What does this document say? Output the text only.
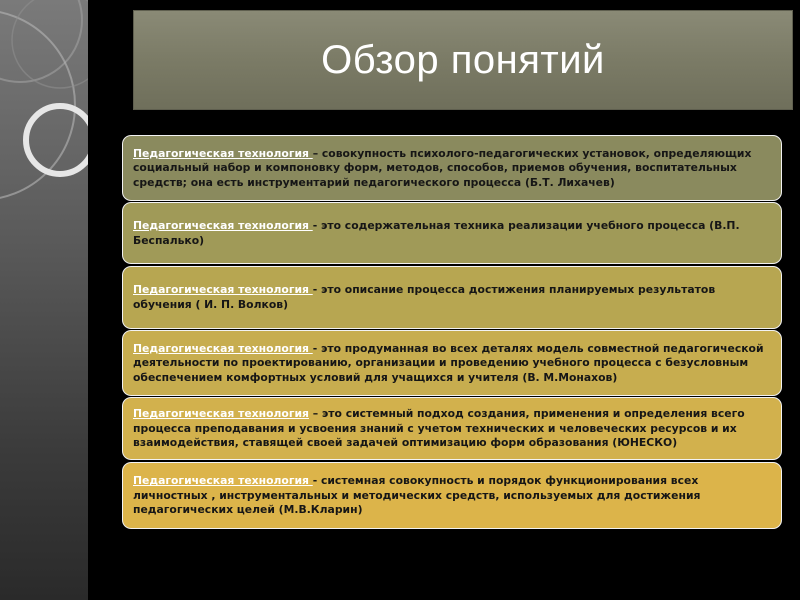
Обзор понятий

Педагогическая технология – совокупность психолого-педагогических установок, определяющих социальный набор и компоновку форм, методов, способов, приемов обучения, воспитательных средств; она есть инструментарий педагогического процесса (Б.Т. Лихачев)

Педагогическая технология - это содержательная техника реализации учебного процесса (В.П. Беспалько)

Педагогическая технология - это описание процесса достижения планируемых результатов обучения ( И. П. Волков)

Педагогическая технология - это продуманная во всех деталях модель совместной педагогической деятельности по проектированию, организации и проведению учебного процесса с безусловным обеспечением комфортных условий для учащихся и учителя (В. М.Монахов)

Педагогическая технология – это системный подход создания, применения и определения всего процесса преподавания и усвоения знаний с учетом технических и человеческих ресурсов и их взаимодействия, ставящей своей задачей оптимизацию форм образования (ЮНЕСКО)

Педагогическая технология - системная совокупность и порядок функционирования всех личностных , инструментальных и методических средств, используемых для достижения педагогических целей (М.В.Кларин)
